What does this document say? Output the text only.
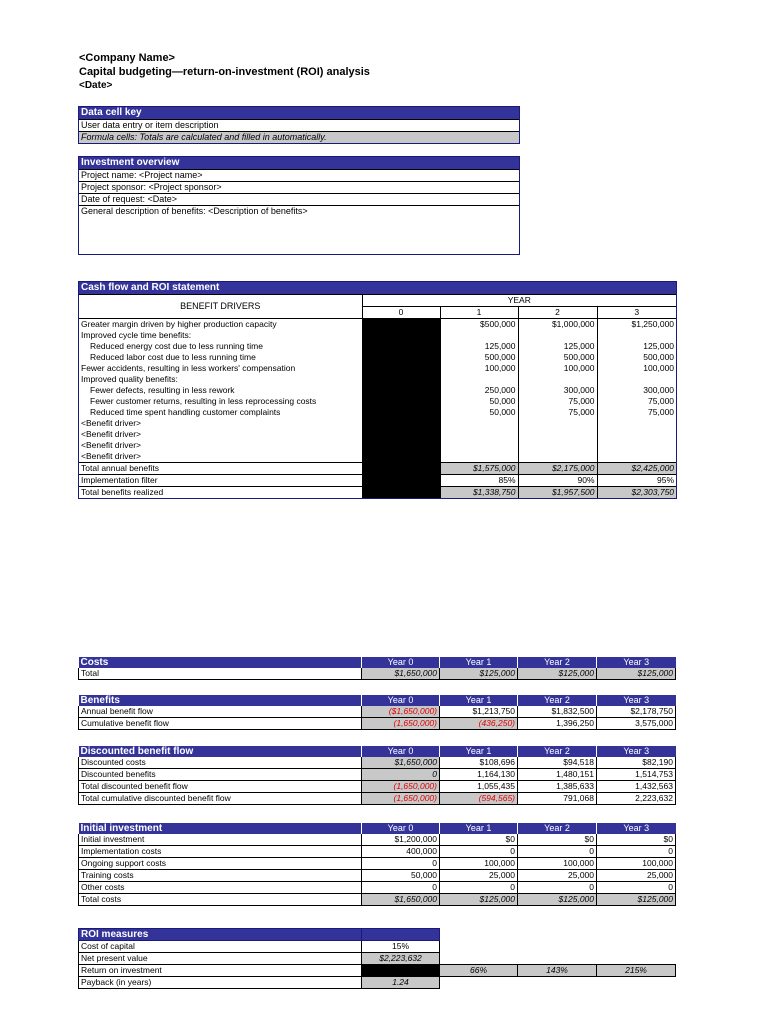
<Company Name>
Capital budgeting—return-on-investment (ROI) analysis
<Date>
Data cell key
User data entry or item description
Formula cells: Totals are calculated and filled in automatically.
Investment overview
Project name: <Project name>
Project sponsor: <Project sponsor>
Date of request: <Date>
General description of benefits: <Description of benefits>
Cash flow and ROI statement
BENEFIT DRIVERS	YEAR			
	0	1	2	3
Greater margin driven by higher production capacity		$500,000	$1,000,000	$1,250,000
Improved cycle time benefits:				
Reduced energy cost due to less running time		125,000	125,000	125,000
Reduced labor cost due to less running time		500,000	500,000	500,000
Fewer accidents, resulting in less workers' compensation		100,000	100,000	100,000
Improved quality benefits:				
Fewer defects, resulting in less rework		250,000	300,000	300,000
Fewer customer returns, resulting in less reprocessing costs		50,000	75,000	75,000
Reduced time spent handling customer complaints		50,000	75,000	75,000
<Benefit driver>				
<Benefit driver>				
<Benefit driver>				
<Benefit driver>				
Total annual benefits		$1,575,000	$2,175,000	$2,425,000
Implementation filter		85%	90%	95%
Total benefits realized		$1,338,750	$1,957,500	$2,303,750
Costs	Year 0	Year 1	Year 2	Year 3
Total	$1,650,000	$125,000	$125,000	$125,000
Benefits	Year 0	Year 1	Year 2	Year 3
Annual benefit flow	($1,650,000)	$1,213,750	$1,832,500	$2,178,750
Cumulative benefit flow	(1,650,000)	(436,250)	1,396,250	3,575,000
Discounted benefit flow	Year 0	Year 1	Year 2	Year 3
Discounted costs	$1,650,000	$108,696	$94,518	$82,190
Discounted benefits	0	1,164,130	1,480,151	1,514,753
Total discounted benefit flow	(1,650,000)	1,055,435	1,385,633	1,432,563
Total cumulative discounted benefit flow	(1,650,000)	(594,565)	791,068	2,223,632
Initial investment	Year 0	Year 1	Year 2	Year 3
Initial investment	$1,200,000	$0	$0	$0
Implementation costs	400,000	0	0	0
Ongoing support costs	0	100,000	100,000	100,000
Training costs	50,000	25,000	25,000	25,000
Other costs	0	0	0	0
Total costs	$1,650,000	$125,000	$125,000	$125,000
ROI measures				
Cost of capital	15%			
Net present value	$2,223,632			
Return on investment		66%	143%	215%
Payback (in years)	1.24			
